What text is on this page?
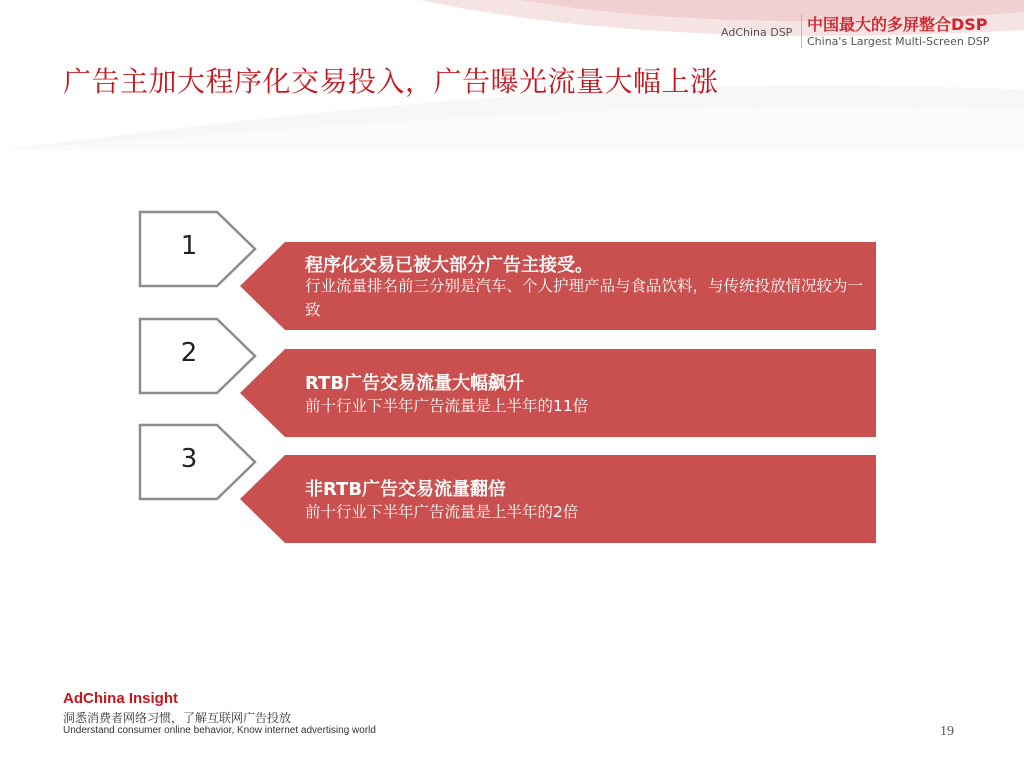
AdChina DSP 中国最大的多屏整合DSP
China's Largest Multi-Screen DSP
广告主加大程序化交易投入，广告曝光流量大幅上涨
1
程序化交易已被大部分广告主接受。
行业流量排名前三分别是汽车、个人护理产品与食品饮料，与传统投放情况较为一致
2
RTB广告交易流量大幅飙升
前十行业下半年广告流量是上半年的11倍
3
非RTB广告交易流量翻倍
前十行业下半年广告流量是上半年的2倍
AdChina Insight
洞悉消费者网络习惯，了解互联网广告投放
Understand consumer online behavior, Know internet advertising world	19
